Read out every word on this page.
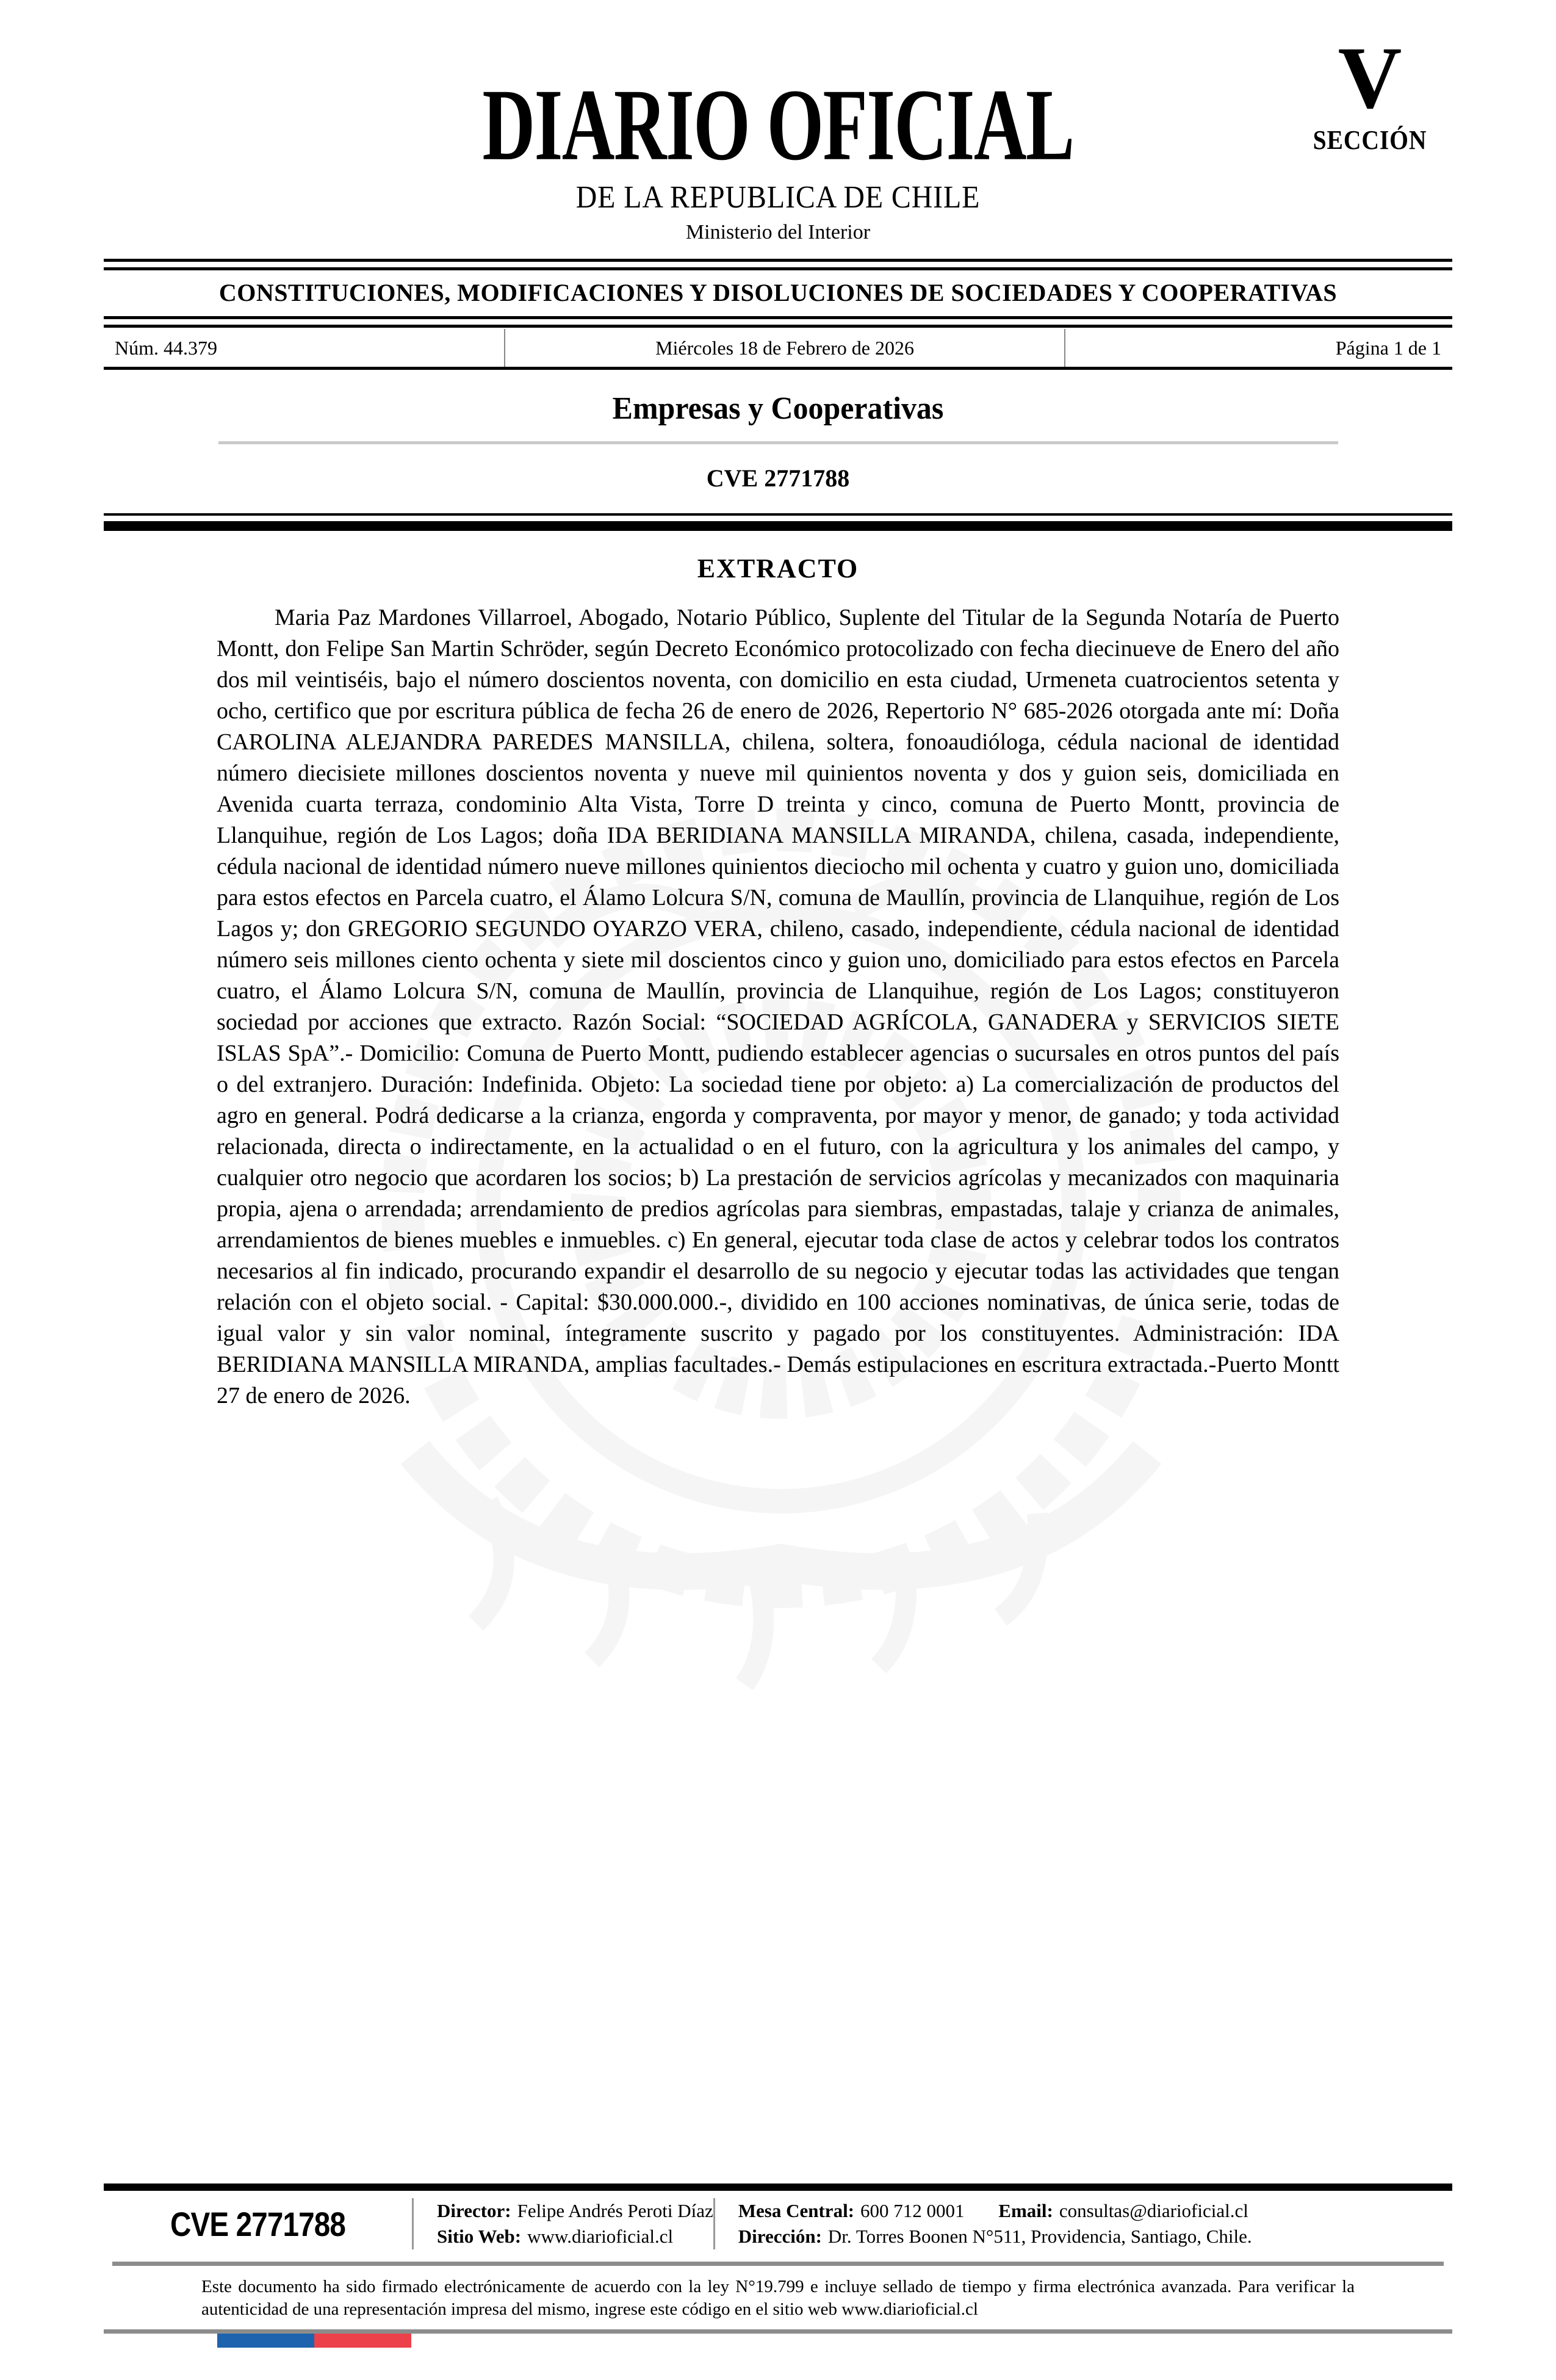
DIARIO OFICIAL
DE LA REPUBLICA DE CHILE
Ministerio del Interior
V
SECCIÓN
CONSTITUCIONES, MODIFICACIONES Y DISOLUCIONES DE SOCIEDADES Y COOPERATIVAS
Núm. 44.379	Miércoles 18 de Febrero de 2026	Página 1 de 1
Empresas y Cooperativas
CVE 2771788
EXTRACTO

Maria Paz Mardones Villarroel, Abogado, Notario Público, Suplente del Titular de la Segunda Notaría de Puerto Montt, don Felipe San Martin Schröder, según Decreto Económico protocolizado con fecha diecinueve de Enero del año dos mil veintiséis, bajo el número doscientos noventa, con domicilio en esta ciudad, Urmeneta cuatrocientos setenta y ocho, certifico que por escritura pública de fecha 26 de enero de 2026, Repertorio N° 685-2026 otorgada ante mí: Doña CAROLINA ALEJANDRA PAREDES MANSILLA, chilena, soltera, fonoaudióloga, cédula nacional de identidad número diecisiete millones doscientos noventa y nueve mil quinientos noventa y dos y guion seis, domiciliada en Avenida cuarta terraza, condominio Alta Vista, Torre D treinta y cinco, comuna de Puerto Montt, provincia de Llanquihue, región de Los Lagos; doña IDA BERIDIANA MANSILLA MIRANDA, chilena, casada, independiente, cédula nacional de identidad número nueve millones quinientos dieciocho mil ochenta y cuatro y guion uno, domiciliada para estos efectos en Parcela cuatro, el Álamo Lolcura S/N, comuna de Maullín, provincia de Llanquihue, región de Los Lagos y; don GREGORIO SEGUNDO OYARZO VERA, chileno, casado, independiente, cédula nacional de identidad número seis millones ciento ochenta y siete mil doscientos cinco y guion uno, domiciliado para estos efectos en Parcela cuatro, el Álamo Lolcura S/N, comuna de Maullín, provincia de Llanquihue, región de Los Lagos; constituyeron sociedad por acciones que extracto. Razón Social: “SOCIEDAD AGRÍCOLA, GANADERA y SERVICIOS SIETE ISLAS SpA”.- Domicilio: Comuna de Puerto Montt, pudiendo establecer agencias o sucursales en otros puntos del país o del extranjero. Duración: Indefinida. Objeto: La sociedad tiene por objeto: a) La comercialización de productos del agro en general. Podrá dedicarse a la crianza, engorda y compraventa, por mayor y menor, de ganado; y toda actividad relacionada, directa o indirectamente, en la actualidad o en el futuro, con la agricultura y los animales del campo, y cualquier otro negocio que acordaren los socios; b) La prestación de servicios agrícolas y mecanizados con maquinaria propia, ajena o arrendada; arrendamiento de predios agrícolas para siembras, empastadas, talaje y crianza de animales, arrendamientos de bienes muebles e inmuebles. c) En general, ejecutar toda clase de actos y celebrar todos los contratos necesarios al fin indicado, procurando expandir el desarrollo de su negocio y ejecutar todas las actividades que tengan relación con el objeto social. - Capital: $30.000.000.-, dividido en 100 acciones nominativas, de única serie, todas de igual valor y sin valor nominal, íntegramente suscrito y pagado por los constituyentes. Administración: IDA BERIDIANA MANSILLA MIRANDA, amplias facultades.- Demás estipulaciones en escritura extractada.-Puerto Montt 27 de enero de 2026.

CVE 2771788	Director: Felipe Andrés Peroti Díaz
Sitio Web: www.diarioficial.cl
Mesa Central: 600 712 0001 Email: consultas@diarioficial.cl
Dirección: Dr. Torres Boonen N°511, Providencia, Santiago, Chile.

Este documento ha sido firmado electrónicamente de acuerdo con la ley N°19.799 e incluye sellado de tiempo y firma electrónica avanzada. Para verificar la autenticidad de una representación impresa del mismo, ingrese este código en el sitio web www.diarioficial.cl
